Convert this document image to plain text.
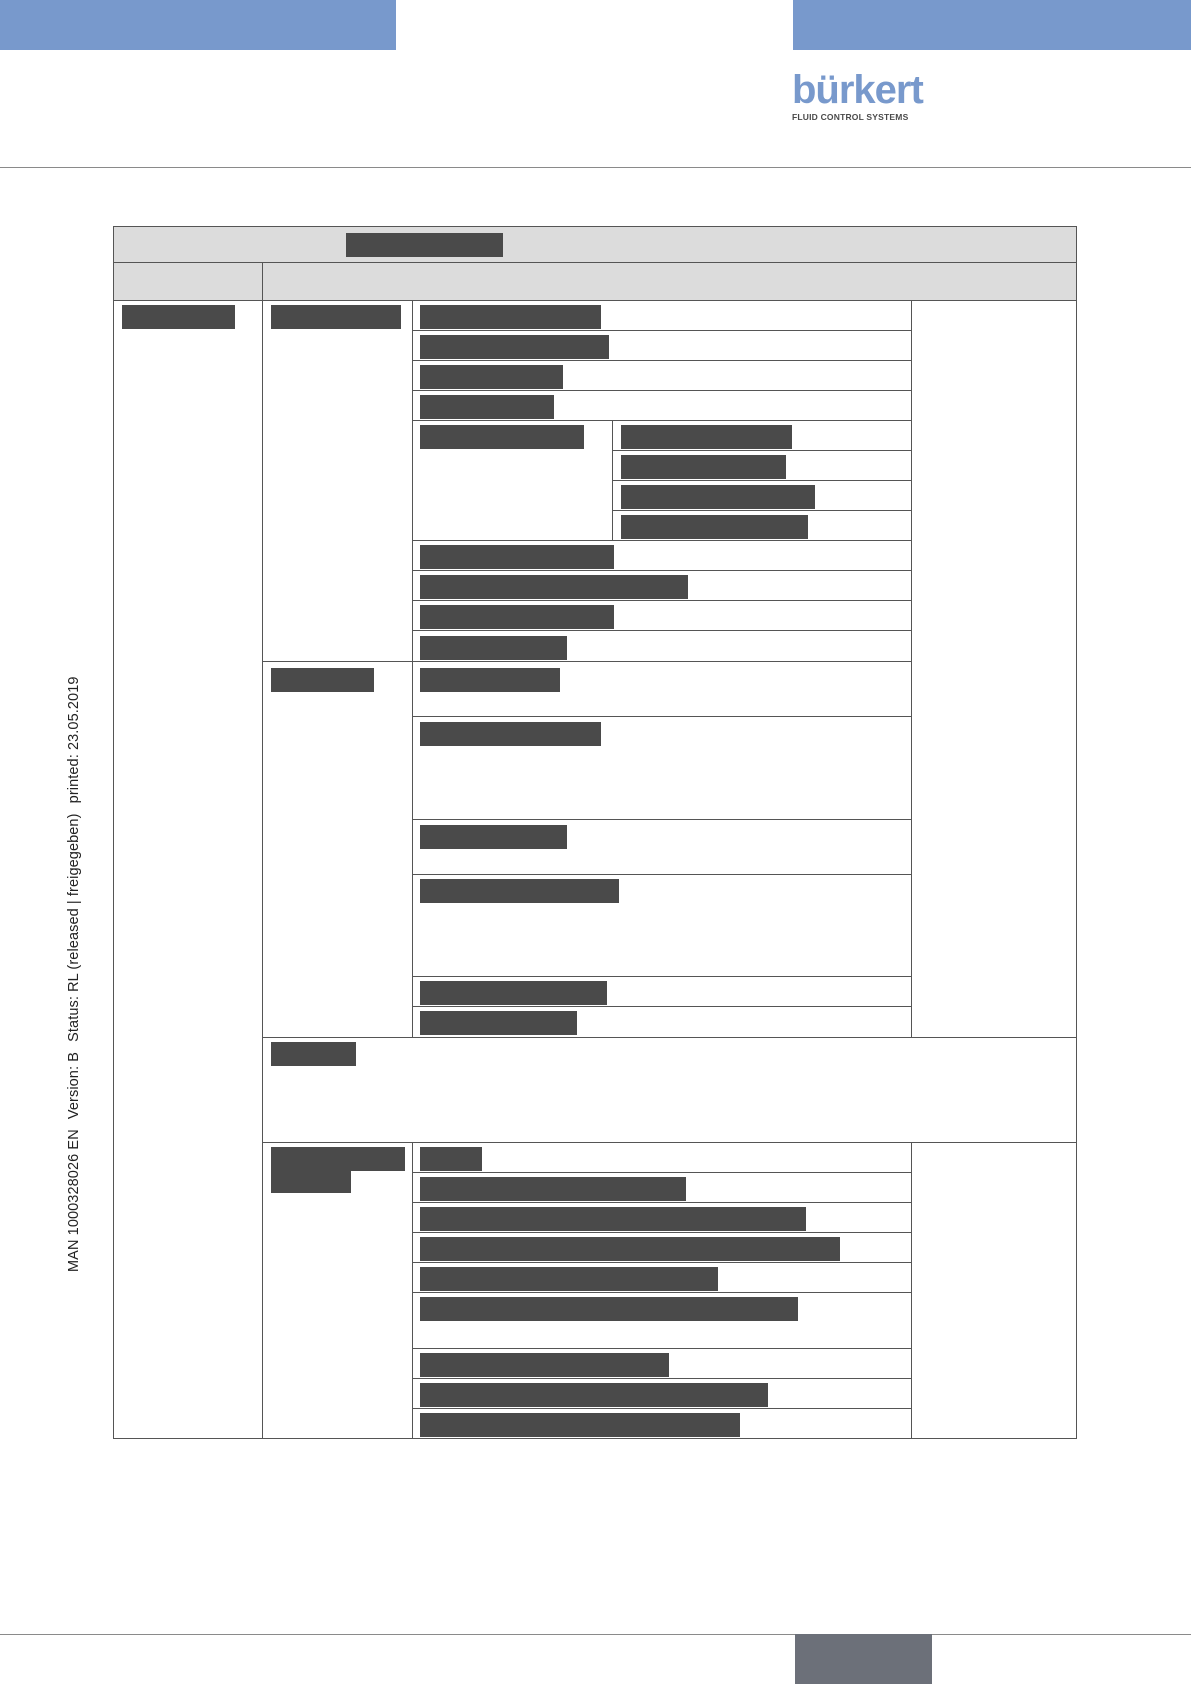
bürkert
FLUID CONTROL SYSTEMS
MAN 1000328026 EN Version: B Status: RL (released | freigegeben) printed: 23.05.2019
